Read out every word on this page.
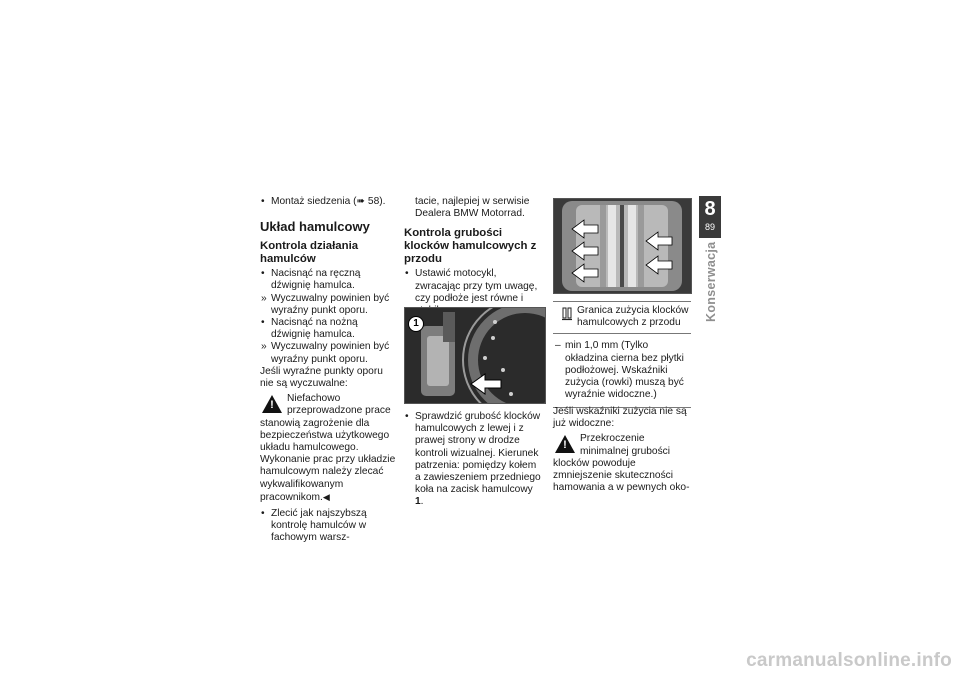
• Montaż siedzenia (➠ 58).

Układ hamulcowy
Kontrola działania hamulców

• Nacisnąć na ręczną dźwignię hamulca.

» Wyczuwalny powinien być wyraźny punkt oporu.

• Nacisnąć na nożną dźwignię hamulca.

» Wyczuwalny powinien być wyraźny punkt oporu.

Jeśli wyraźne punkty oporu nie są wyczuwalne:

!
Niefachowo przeprowadzone prace stanowią zagrożenie dla bezpieczeństwa użytkowego układu hamulcowego.
Wykonanie prac przy układzie hamulcowym należy zlecać wykwalifikowanym pracownikom.◀

• Zlecić jak najszybszą kontrolę hamulców w fachowym warsz-

tacie, najlepiej w serwisie Dealera BMW Motorrad.

Kontrola grubości klocków hamulcowych z przodu

• Ustawić motocykl, zwracając przy tym uwagę, czy podłoże jest równe i

1

• Sprawdzić grubość klocków hamulcowych z lewej i z prawej strony w drodze kontroli wizualnej. Kierunek patrzenia: pomiędzy kołem a zawieszeniem przedniego koła na zacisk hamulcowy 1.

Granica zużycia klocków hamulcowych z przodu
– min 1,0 mm (Tylko okładzina cierna bez płytki podłożowej. Wskaźniki zużycia (rowki) muszą być wyraźnie widoczne.)

Jeśli wskaźniki zużycia nie są już widoczne:

!
Przekroczenie minimalnej grubości klocków powoduje zmniejszenie skuteczności hamowania a w pewnych oko-
8
89
Konserwacja
carmanualsonline.info
